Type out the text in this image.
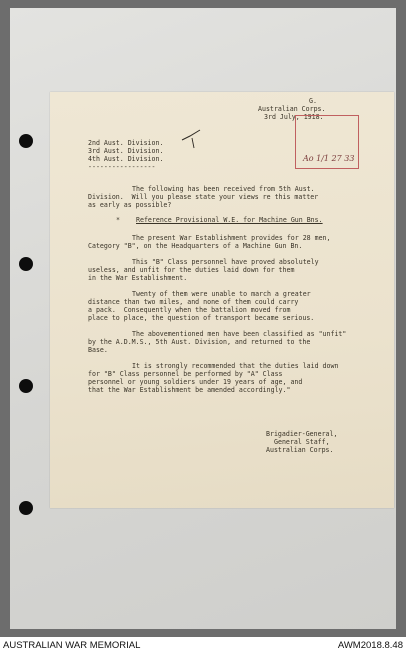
G.
Australian Corps.
3rd July, 1918.
Ao 1/1 27 33
2nd Aust. Division.
3rd Aust. Division.
4th Aust. Division.
-----------------
The following has been received from 5th Aust.
Division.  Will you please state your views re this matter
as early as possible?
* Reference Provisional W.E. for Machine Gun Bns.
The present War Establishment provides for 28 men,
Category "B", on the Headquarters of a Machine Gun Bn.
This "B" Class personnel have proved absolutely
useless, and unfit for the duties laid down for them
in the War Establishment.
Twenty of them were unable to march a greater
distance than two miles, and none of them could carry
a pack.  Consequently when the battalion moved from
place to place, the question of transport became serious.
The abovementioned men have been classified as "unfit"
by the A.D.M.S., 5th Aust. Division, and returned to the
Base.
It is strongly recommended that the duties laid down
for "B" Class personnel be performed by "A" Class
personnel or young soldiers under 19 years of age, and
that the War Establishment be amended accordingly."
Brigadier-General,
General Staff,
Australian Corps.
AUSTRALIAN WAR MEMORIAL	AWM2018.8.48
